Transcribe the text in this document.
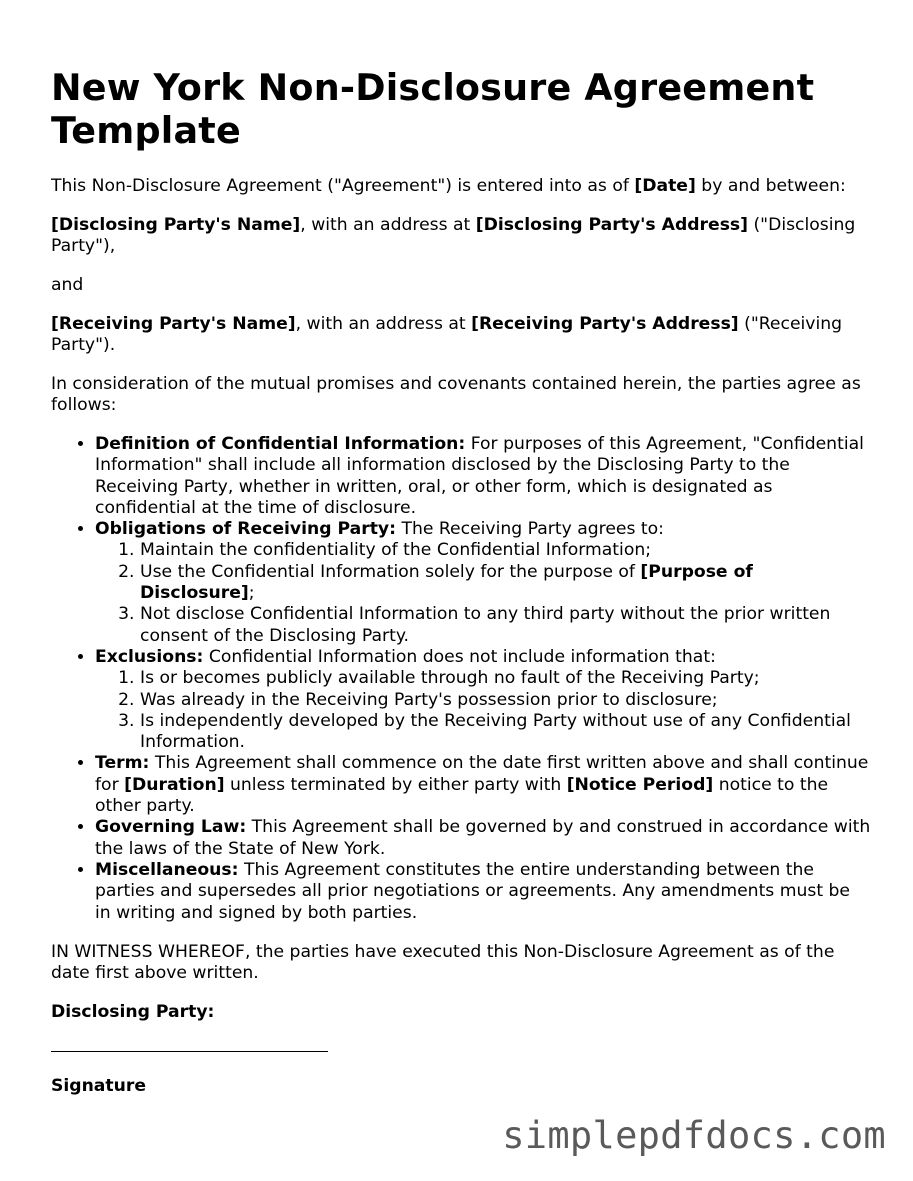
New York Non-Disclosure Agreement Template

This Non-Disclosure Agreement ("Agreement") is entered into as of [Date] by and between:

[Disclosing Party's Name], with an address at [Disclosing Party's Address] ("Disclosing Party"),

and

[Receiving Party's Name], with an address at [Receiving Party's Address] ("Receiving Party").

In consideration of the mutual promises and covenants contained herein, the parties agree as follows:

• Definition of Confidential Information: For purposes of this Agreement, "Confidential Information" shall include all information disclosed by the Disclosing Party to the Receiving Party, whether in written, oral, or other form, which is designated as confidential at the time of disclosure.
• Obligations of Receiving Party: The Receiving Party agrees to:
1. Maintain the confidentiality of the Confidential Information;
2. Use the Confidential Information solely for the purpose of [Purpose of Disclosure];
3. Not disclose Confidential Information to any third party without the prior written consent of the Disclosing Party.
• Exclusions: Confidential Information does not include information that:
1. Is or becomes publicly available through no fault of the Receiving Party;
2. Was already in the Receiving Party's possession prior to disclosure;
3. Is independently developed by the Receiving Party without use of any Confidential Information.
• Term: This Agreement shall commence on the date first written above and shall continue for [Duration] unless terminated by either party with [Notice Period] notice to the other party.
• Governing Law: This Agreement shall be governed by and construed in accordance with the laws of the State of New York.
• Miscellaneous: This Agreement constitutes the entire understanding between the parties and supersedes all prior negotiations or agreements. Any amendments must be in writing and signed by both parties.

IN WITNESS WHEREOF, the parties have executed this Non-Disclosure Agreement as of the date first above written.

Disclosing Party:

Signature

simplepdfdocs.com
